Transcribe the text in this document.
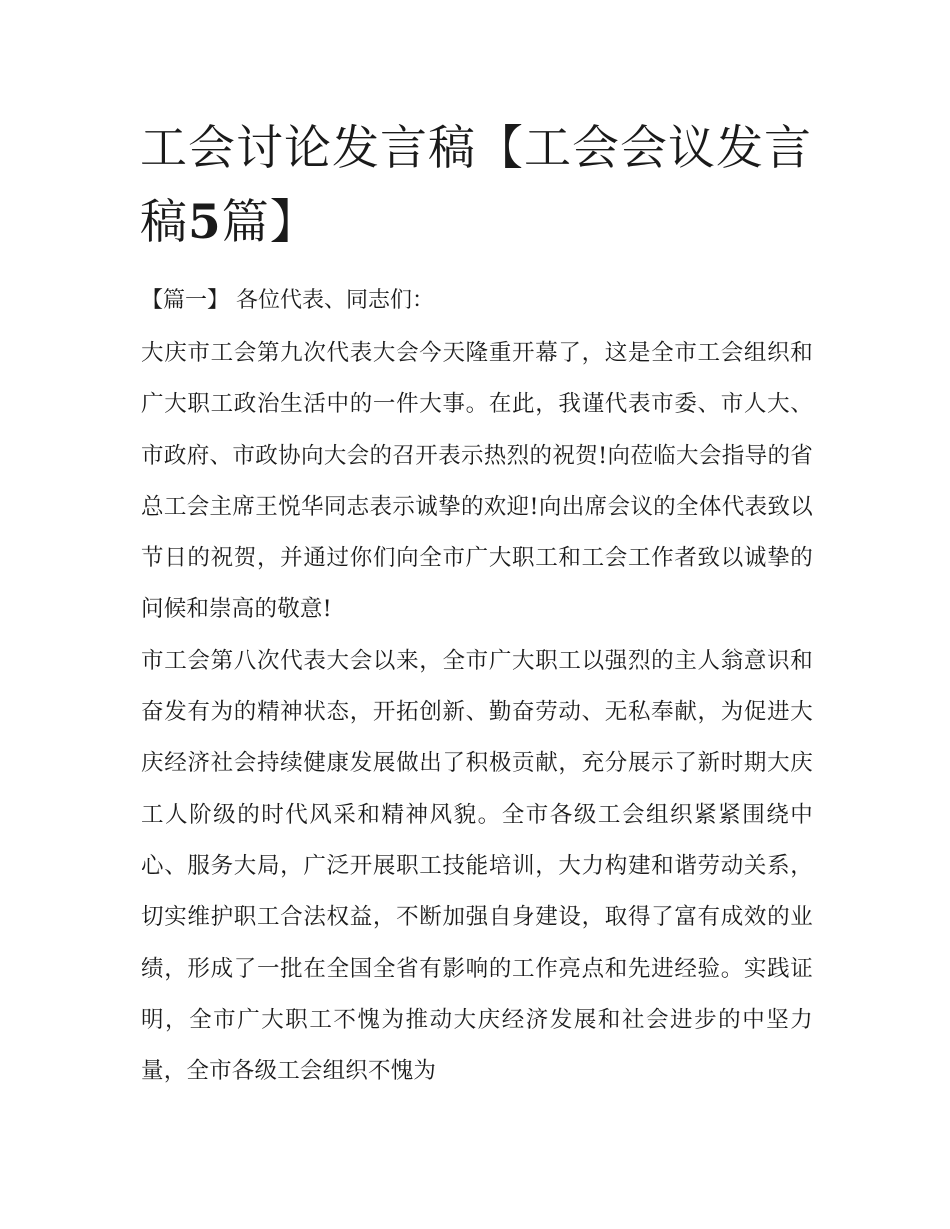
工会讨论发言稿【工会会议发言稿5篇】

【篇一】 各位代表、同志们：

大庆市工会第九次代表大会今天隆重开幕了，这是全市工会组织和广大职工政治生活中的一件大事。在此，我谨代表市委、市人大、市政府、市政协向大会的召开表示热烈的祝贺!向莅临大会指导的省总工会主席王悦华同志表示诚挚的欢迎!向出席会议的全体代表致以节日的祝贺，并通过你们向全市广大职工和工会工作者致以诚挚的问候和崇高的敬意!

市工会第八次代表大会以来，全市广大职工以强烈的主人翁意识和奋发有为的精神状态，开拓创新、勤奋劳动、无私奉献，为促进大庆经济社会持续健康发展做出了积极贡献，充分展示了新时期大庆工人阶级的时代风采和精神风貌。全市各级工会组织紧紧围绕中心、服务大局，广泛开展职工技能培训，大力构建和谐劳动关系，切实维护职工合法权益，不断加强自身建设，取得了富有成效的业绩，形成了一批在全国全省有影响的工作亮点和先进经验。实践证明，全市广大职工不愧为推动大庆经济发展和社会进步的中坚力量，全市各级工会组织不愧为
